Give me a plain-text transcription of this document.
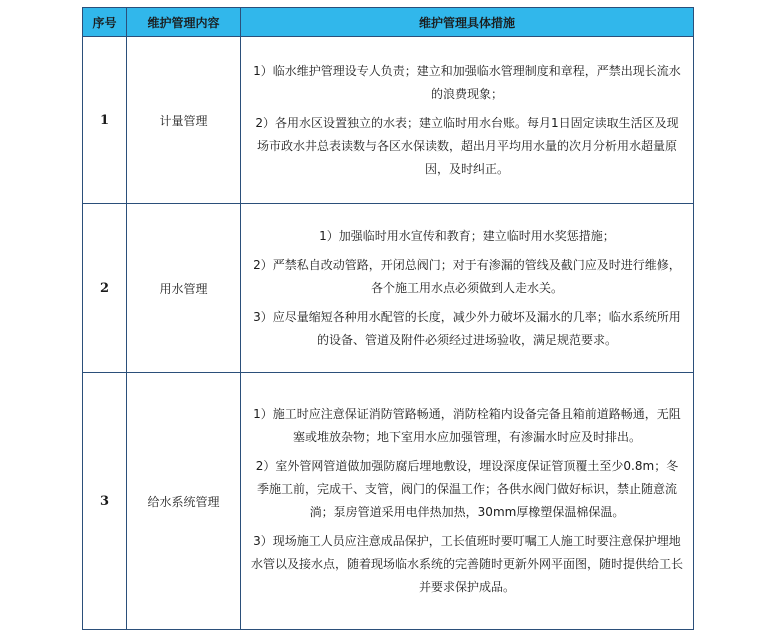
序号	维护管理内容	维护管理具体措施
1	计量管理	1）临水维护管理设专人负责；建立和加强临水管理制度和章程，严禁出现长流水的浪费现象；

2）各用水区设置独立的水表；建立临时用水台账。每月1日固定读取生活区及现场市政水井总表读数与各区水保读数，超出月平均用水量的次月分析用水超量原因，及时纠正。

2	用水管理	1）加强临时用水宣传和教育；建立临时用水奖惩措施；

2）严禁私自改动管路，开闭总阀门；对于有渗漏的管线及截门应及时进行维修，各个施工用水点必须做到人走水关。

3）应尽量缩短各种用水配管的长度，减少外力破坏及漏水的几率；临水系统所用的设备、管道及附件必须经过进场验收，满足规范要求。

3	给水系统管理	1）施工时应注意保证消防管路畅通，消防栓箱内设备完备且箱前道路畅通，无阻塞或堆放杂物；地下室用水应加强管理，有渗漏水时应及时排出。

2）室外管网管道做加强防腐后埋地敷设，埋设深度保证管顶覆土至少0.8m；冬季施工前，完成干、支管，阀门的保温工作；各供水阀门做好标识，禁止随意流淌；泵房管道采用电伴热加热，30mm厚橡塑保温棉保温。

3）现场施工人员应注意成品保护，工长值班时要叮嘱工人施工时要注意保护埋地水管以及接水点，随着现场临水系统的完善随时更新外网平面图，随时提供给工长并要求保护成品。
